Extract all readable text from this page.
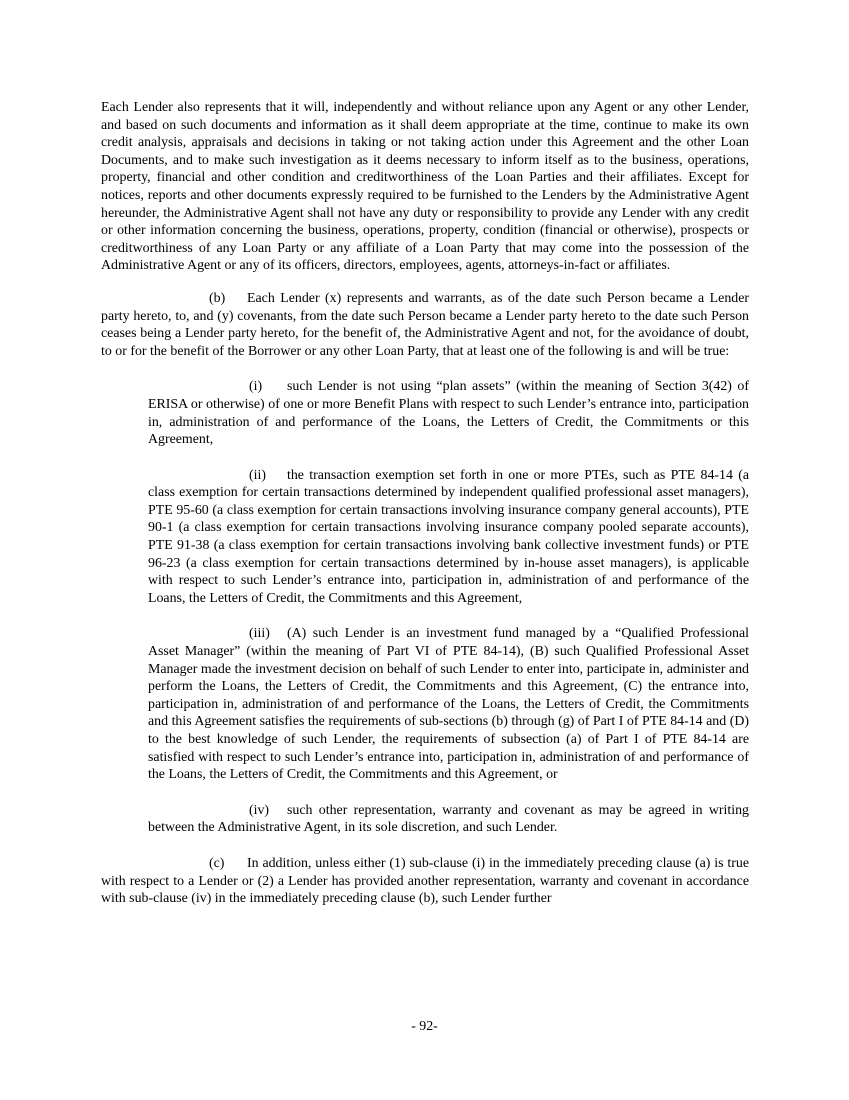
Each Lender also represents that it will, independently and without reliance upon any Agent or any other Lender, and based on such documents and information as it shall deem appropriate at the time, continue to make its own credit analysis, appraisals and decisions in taking or not taking action under this Agreement and the other Loan Documents, and to make such investigation as it deems necessary to inform itself as to the business, operations, property, financial and other condition and creditworthiness of the Loan Parties and their affiliates. Except for notices, reports and other documents expressly required to be furnished to the Lenders by the Administrative Agent hereunder, the Administrative Agent shall not have any duty or responsibility to provide any Lender with any credit or other information concerning the business, operations, property, condition (financial or otherwise), prospects or creditworthiness of any Loan Party or any affiliate of a Loan Party that may come into the possession of the Administrative Agent or any of its officers, directors, employees, agents, attorneys-in-fact or affiliates.

(b) Each Lender (x) represents and warrants, as of the date such Person became a Lender party hereto, to, and (y) covenants, from the date such Person became a Lender party hereto to the date such Person ceases being a Lender party hereto, for the benefit of, the Administrative Agent and not, for the avoidance of doubt, to or for the benefit of the Borrower or any other Loan Party, that at least one of the following is and will be true:

(i) such Lender is not using “plan assets” (within the meaning of Section 3(42) of ERISA or otherwise) of one or more Benefit Plans with respect to such Lender’s entrance into, participation in, administration of and performance of the Loans, the Letters of Credit, the Commitments or this Agreement,

(ii) the transaction exemption set forth in one or more PTEs, such as PTE 84-14 (a class exemption for certain transactions determined by independent qualified professional asset managers), PTE 95-60 (a class exemption for certain transactions involving insurance company general accounts), PTE 90-1 (a class exemption for certain transactions involving insurance company pooled separate accounts), PTE 91-38 (a class exemption for certain transactions involving bank collective investment funds) or PTE 96-23 (a class exemption for certain transactions determined by in-house asset managers), is applicable with respect to such Lender’s entrance into, participation in, administration of and performance of the Loans, the Letters of Credit, the Commitments and this Agreement,

(iii) (A) such Lender is an investment fund managed by a “Qualified Professional Asset Manager” (within the meaning of Part VI of PTE 84-14), (B) such Qualified Professional Asset Manager made the investment decision on behalf of such Lender to enter into, participate in, administer and perform the Loans, the Letters of Credit, the Commitments and this Agreement, (C) the entrance into, participation in, administration of and performance of the Loans, the Letters of Credit, the Commitments and this Agreement satisfies the requirements of sub-sections (b) through (g) of Part I of PTE 84-14 and (D) to the best knowledge of such Lender, the requirements of subsection (a) of Part I of PTE 84-14 are satisfied with respect to such Lender’s entrance into, participation in, administration of and performance of the Loans, the Letters of Credit, the Commitments and this Agreement, or

(iv) such other representation, warranty and covenant as may be agreed in writing between the Administrative Agent, in its sole discretion, and such Lender.

(c) In addition, unless either (1) sub-clause (i) in the immediately preceding clause (a) is true with respect to a Lender or (2) a Lender has provided another representation, warranty and covenant in accordance with sub-clause (iv) in the immediately preceding clause (b), such Lender further

- 92-
